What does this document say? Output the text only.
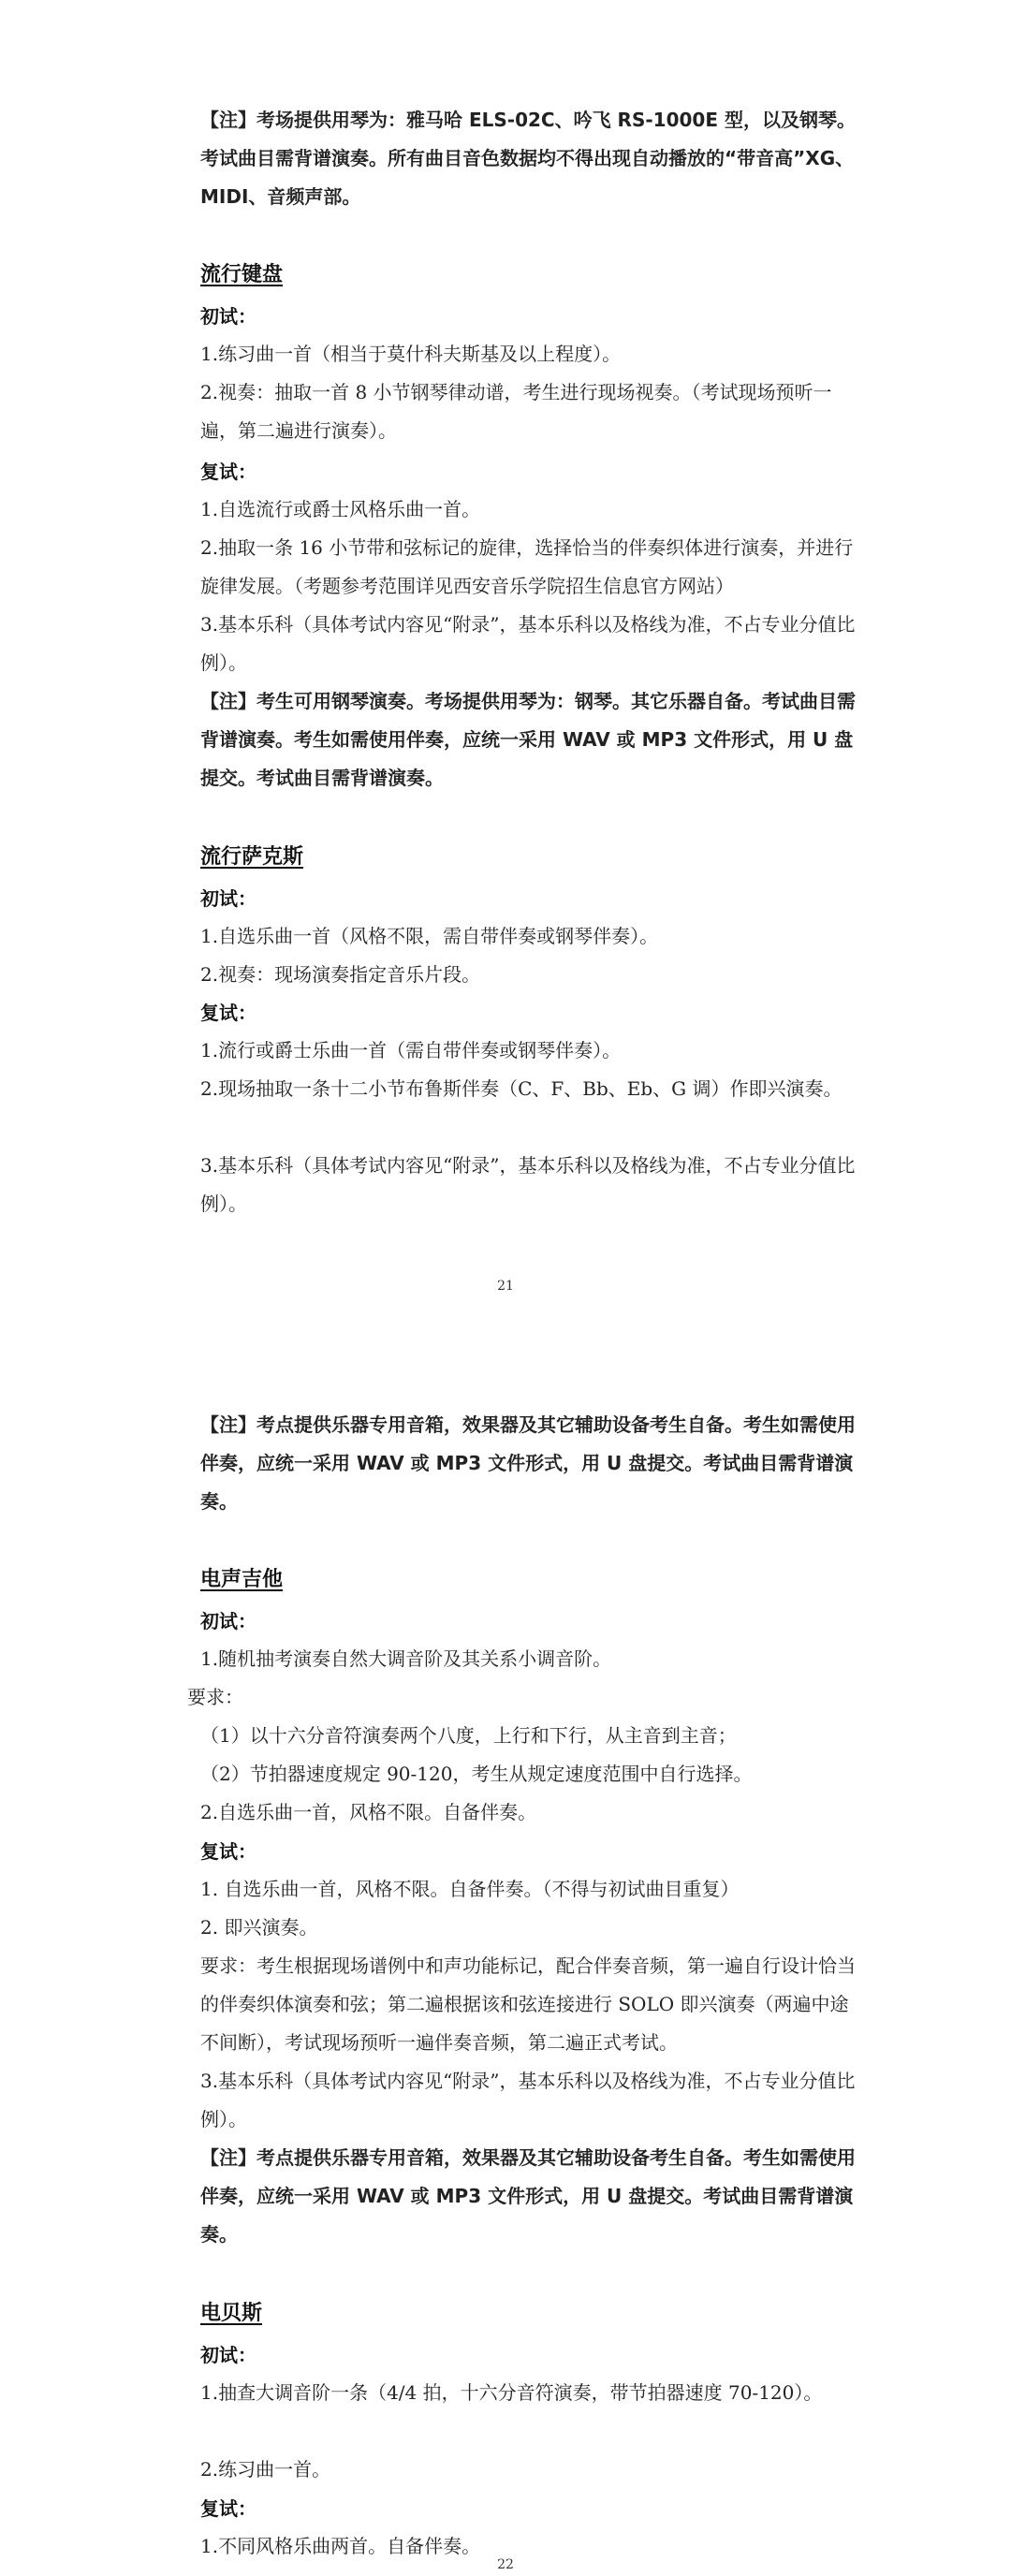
【注】考场提供用琴为：雅马哈 ELS-02C、吟飞 RS-1000E 型，以及钢琴。考试曲目需背谱演奏。所有曲目音色数据均不得出现自动播放的“带音高”XG、MIDI、音频声部。
流行键盘
初试：
1.练习曲一首（相当于莫什科夫斯基及以上程度）。
2.视奏：抽取一首 8 小节钢琴律动谱，考生进行现场视奏。（考试现场预听一遍，第二遍进行演奏）。
复试：
1.自选流行或爵士风格乐曲一首。
2.抽取一条 16 小节带和弦标记的旋律，选择恰当的伴奏织体进行演奏，并进行旋律发展。（考题参考范围详见西安音乐学院招生信息官方网站）
3.基本乐科（具体考试内容见“附录”，基本乐科以及格线为准，不占专业分值比例）。
【注】考生可用钢琴演奏。考场提供用琴为：钢琴。其它乐器自备。考试曲目需背谱演奏。考生如需使用伴奏，应统一采用 WAV 或 MP3 文件形式，用 U 盘提交。考试曲目需背谱演奏。
流行萨克斯
初试：
1.自选乐曲一首（风格不限，需自带伴奏或钢琴伴奏）。
2.视奏：现场演奏指定音乐片段。
复试：
1.流行或爵士乐曲一首（需自带伴奏或钢琴伴奏）。
2.现场抽取一条十二小节布鲁斯伴奏（C、F、Bb、Eb、G 调）作即兴演奏。
3.基本乐科（具体考试内容见“附录”，基本乐科以及格线为准，不占专业分值比例）。
21
【注】考点提供乐器专用音箱，效果器及其它辅助设备考生自备。考生如需使用伴奏，应统一采用 WAV 或 MP3 文件形式，用 U 盘提交。考试曲目需背谱演奏。
电声吉他
初试：
1.随机抽考演奏自然大调音阶及其关系小调音阶。
要求：
（1）以十六分音符演奏两个八度，上行和下行，从主音到主音；
（2）节拍器速度规定 90-120，考生从规定速度范围中自行选择。
2.自选乐曲一首，风格不限。自备伴奏。
复试：
1. 自选乐曲一首，风格不限。自备伴奏。（不得与初试曲目重复）
2. 即兴演奏。
要求：考生根据现场谱例中和声功能标记，配合伴奏音频，第一遍自行设计恰当的伴奏织体演奏和弦；第二遍根据该和弦连接进行 SOLO 即兴演奏（两遍中途不间断），考试现场预听一遍伴奏音频，第二遍正式考试。
3.基本乐科（具体考试内容见“附录”，基本乐科以及格线为准，不占专业分值比例）。
【注】考点提供乐器专用音箱，效果器及其它辅助设备考生自备。考生如需使用伴奏，应统一采用 WAV 或 MP3 文件形式，用 U 盘提交。考试曲目需背谱演奏。
电贝斯
初试：
1.抽查大调音阶一条（4/4 拍，十六分音符演奏，带节拍器速度 70-120）。
2.练习曲一首。
复试：
1.不同风格乐曲两首。自备伴奏。
22
